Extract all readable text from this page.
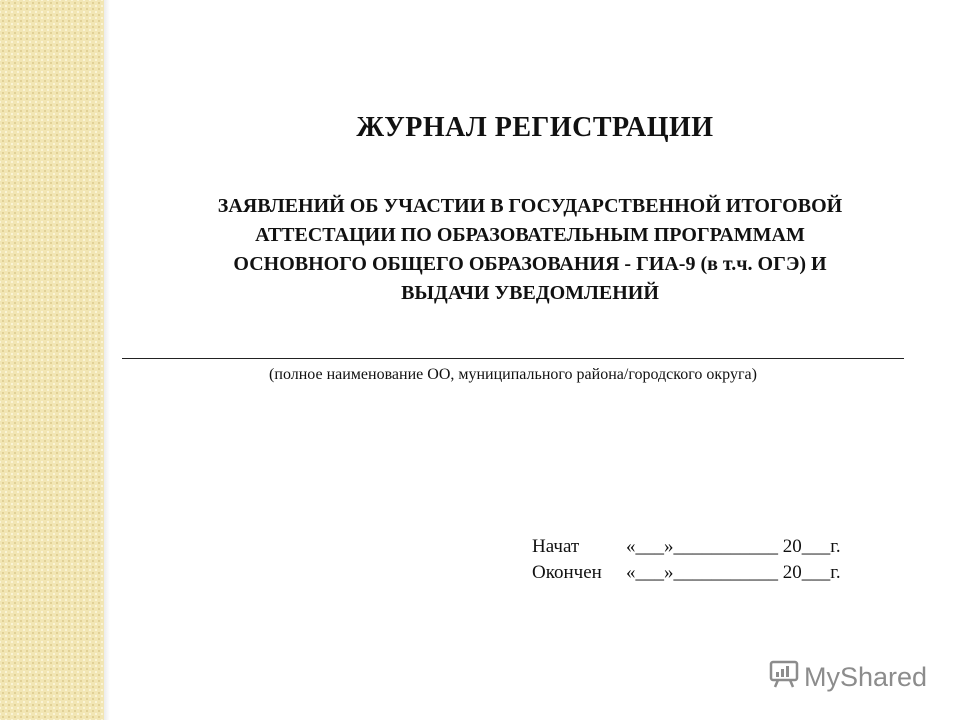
ЖУРНАЛ РЕГИСТРАЦИИ
ЗАЯВЛЕНИЙ ОБ УЧАСТИИ В ГОСУДАРСТВЕННОЙ ИТОГОВОЙ
АТТЕСТАЦИИ ПО ОБРАЗОВАТЕЛЬНЫМ ПРОГРАММАМ
ОСНОВНОГО ОБЩЕГО ОБРАЗОВАНИЯ - ГИА-9 (в т.ч. ОГЭ) И
ВЫДАЧИ УВЕДОМЛЕНИЙ
(полное наименование ОО, муниципального района/городского округа)
Начат «___»___________ 20___г.
Окончен «___»___________ 20___г.
MyShared
